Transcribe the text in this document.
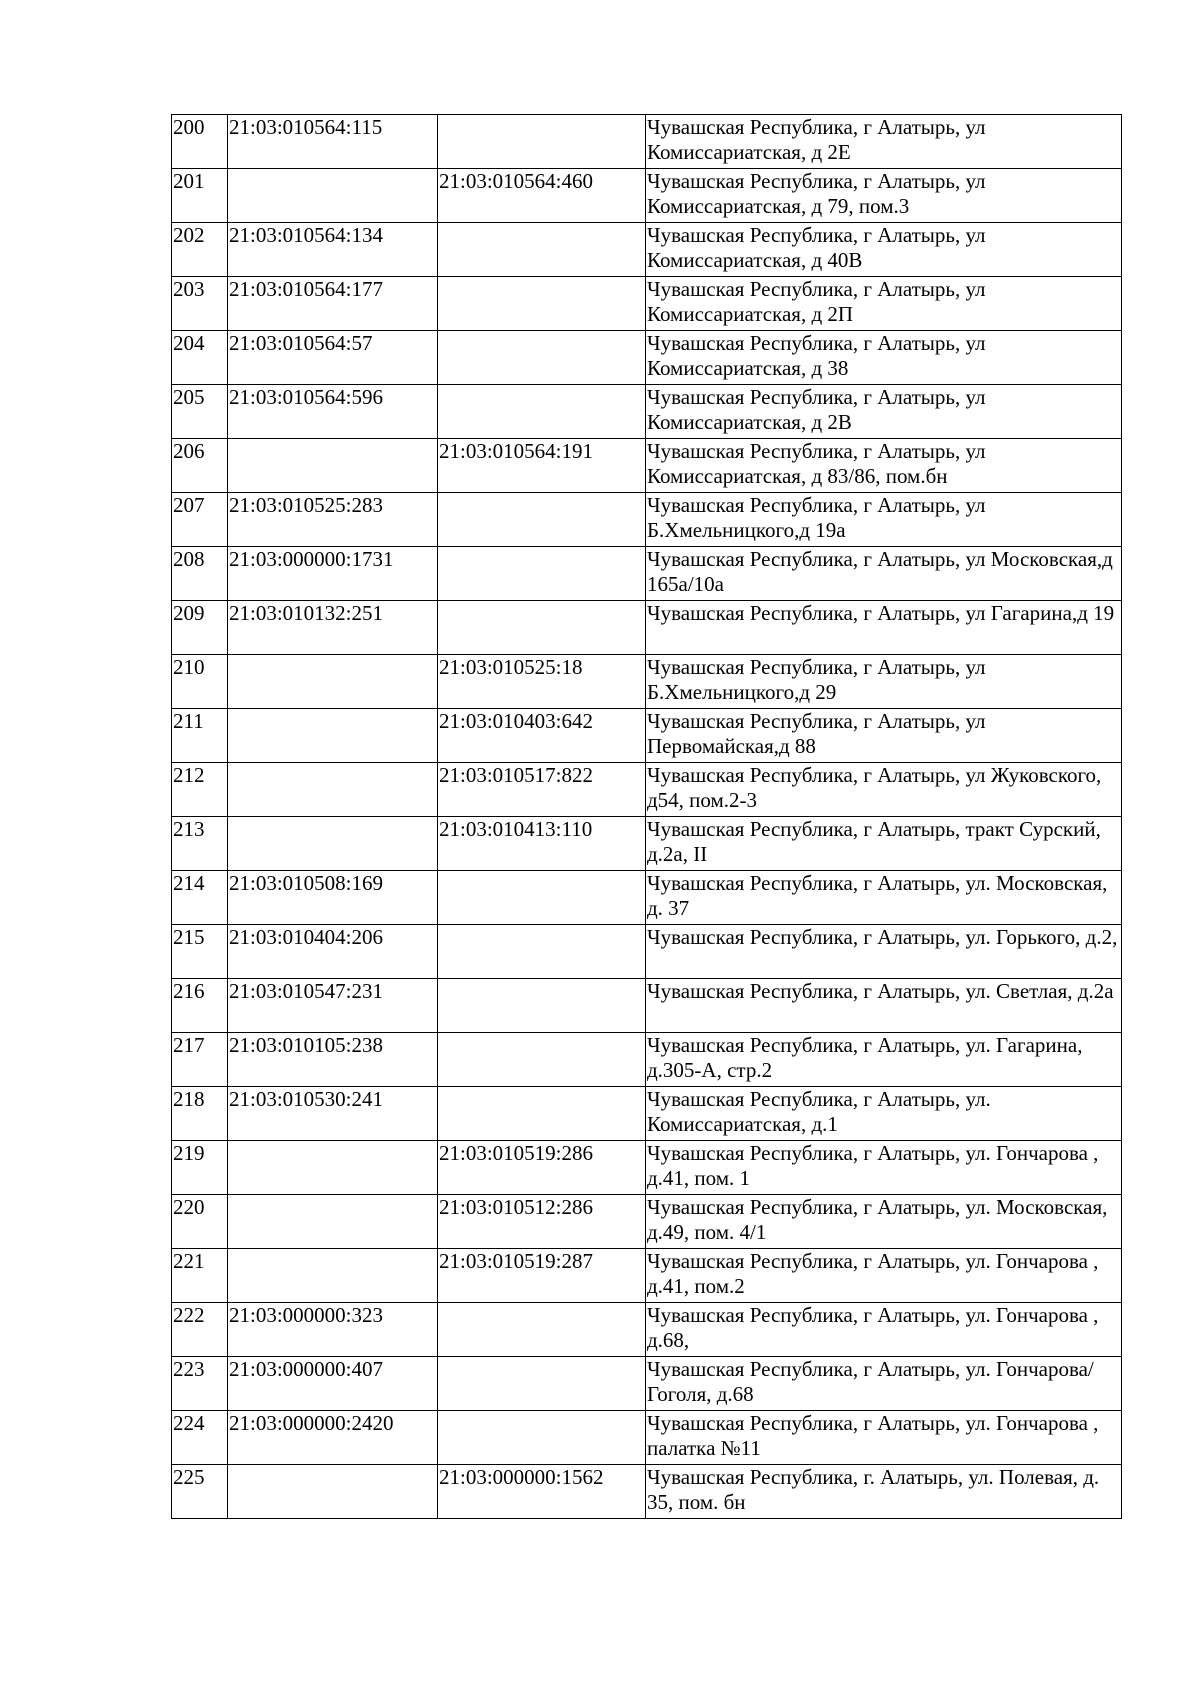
200	21:03:010564:115		Чувашская Республика, г Алатырь, ул Комиссариатская, д 2Е
201		21:03:010564:460	Чувашская Республика, г Алатырь, ул Комиссариатская, д 79, пом.3
202	21:03:010564:134		Чувашская Республика, г Алатырь, ул Комиссариатская, д 40В
203	21:03:010564:177		Чувашская Республика, г Алатырь, ул Комиссариатская, д 2П
204	21:03:010564:57		Чувашская Республика, г Алатырь, ул Комиссариатская, д 38
205	21:03:010564:596		Чувашская Республика, г Алатырь, ул Комиссариатская, д 2В
206		21:03:010564:191	Чувашская Республика, г Алатырь, ул Комиссариатская, д 83/86, пом.бн
207	21:03:010525:283		Чувашская Республика, г Алатырь, ул Б.Хмельницкого,д 19а
208	21:03:000000:1731		Чувашская Республика, г Алатырь, ул Московская,д 165а/10а
209	21:03:010132:251		Чувашская Республика, г Алатырь, ул Гагарина,д 19
210		21:03:010525:18	Чувашская Республика, г Алатырь, ул Б.Хмельницкого,д 29
211		21:03:010403:642	Чувашская Республика, г Алатырь, ул Первомайская,д 88
212		21:03:010517:822	Чувашская Республика, г Алатырь, ул Жуковского, д54, пом.2-3
213		21:03:010413:110	Чувашская Республика, г Алатырь, тракт Сурский, д.2а, II
214	21:03:010508:169		Чувашская Республика, г Алатырь, ул. Московская, д. 37
215	21:03:010404:206		Чувашская Республика, г Алатырь, ул. Горького, д.2,
216	21:03:010547:231		Чувашская Республика, г Алатырь, ул. Светлая, д.2а
217	21:03:010105:238		Чувашская Республика, г Алатырь, ул. Гагарина, д.305-А, стр.2
218	21:03:010530:241		Чувашская Республика, г Алатырь, ул. Комиссариатская, д.1
219		21:03:010519:286	Чувашская Республика, г Алатырь, ул. Гончарова , д.41, пом. 1
220		21:03:010512:286	Чувашская Республика, г Алатырь, ул. Московская, д.49, пом. 4/1
221		21:03:010519:287	Чувашская Республика, г Алатырь, ул. Гончарова , д.41, пом.2
222	21:03:000000:323		Чувашская Республика, г Алатырь, ул. Гончарова , д.68,
223	21:03:000000:407		Чувашская Республика, г Алатырь, ул. Гончарова/Гоголя, д.68
224	21:03:000000:2420		Чувашская Республика, г Алатырь, ул. Гончарова , палатка №11
225		21:03:000000:1562	Чувашская Республика, г. Алатырь, ул. Полевая, д. 35, пом. бн
